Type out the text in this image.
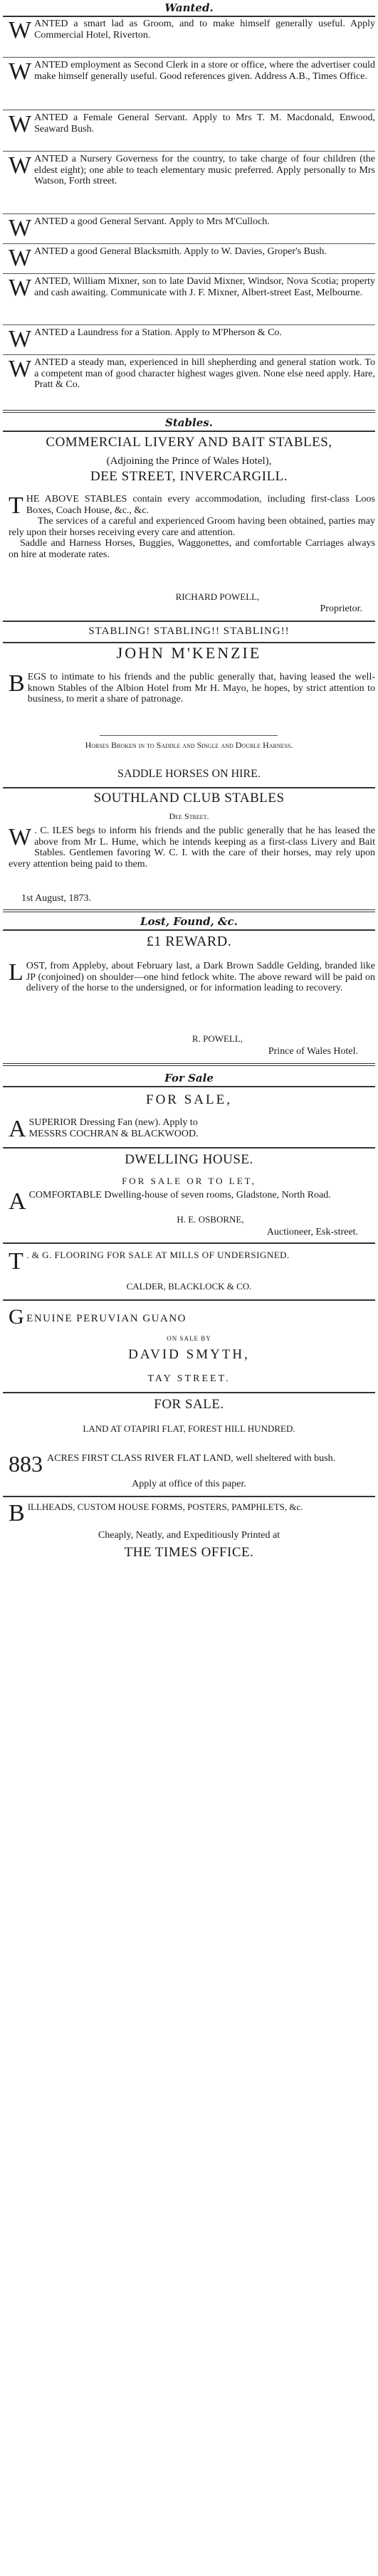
Wanted.
WANTED a smart lad as Groom, and to make himself generally useful. Apply Commercial Hotel, Riverton.
WANTED employment as Second Clerk in a store or office, where the advertiser could make himself generally useful. Good references given. Address A.B., Times Office.
WANTED a Female General Servant. Apply to Mrs T. M. Macdonald, Enwood, Seaward Bush.
WANTED a Nursery Governess for the country, to take charge of four children (the eldest eight); one able to teach elementary music preferred. Apply personally to Mrs Watson, Forth street.
WANTED a good General Servant. Apply to Mrs M'Culloch.
WANTED a good General Blacksmith. Apply to W. Davies, Groper's Bush.
WANTED, William Mixner, son to late David Mixner, Windsor, Nova Scotia; property and cash awaiting. Communicate with J. F. Mixner, Albert-street East, Melbourne.
WANTED a Laundress for a Station. Apply to M'Pherson & Co.
WANTED a steady man, experienced in hill shepherding and general station work. To a competent man of good character highest wages given. None else need apply. Hare, Pratt & Co.
Stables.
COMMERCIAL LIVERY AND BAIT STABLES,
(Adjoining the Prince of Wales Hotel),
DEE STREET, INVERCARGILL.

THE ABOVE STABLES contain every accommodation, including first-class Loos Boxes, Coach House, &c., &c.

The services of a careful and experienced Groom having been obtained, parties may rely upon their horses receiving every care and attention.

Saddle and Harness Horses, Buggies, Waggonettes, and comfortable Carriages always on hire at moderate rates.

RICHARD POWELL,
Proprietor.
STABLING! STABLING!! STABLING!!
JOHN M'KENZIE
BEGS to intimate to his friends and the public generally that, having leased the well-known Stables of the Albion Hotel from Mr H. Mayo, he hopes, by strict attention to business, to merit a share of patronage.
Horses Broken in to Saddle and Single and Double Harness.
SADDLE HORSES ON HIRE.
SOUTHLAND CLUB STABLES
Dee Street.
W . C. ILES begs to inform his friends and the public generally that he has leased the above from Mr L. Hume, which he intends keeping as a first-class Livery and Bait Stables. Gentlemen favoring W. C. I. with the care of their horses, may rely upon every attention being paid to them.
1st August, 1873.
Lost, Found, &c.
£1 REWARD.
LOST, from Appleby, about February last, a Dark Brown Saddle Gelding, branded like JP (conjoined) on shoulder—one hind fetlock white. The above reward will be paid on delivery of the horse to the undersigned, or for information leading to recovery.
R. POWELL,
Prince of Wales Hotel.
For Sale
FOR SALE,
ASUPERIOR Dressing Fan (new). Apply to
MESSRS COCHRAN & BLACKWOOD.
DWELLING HOUSE.
FOR SALE OR TO LET,
ACOMFORTABLE Dwelling-house of seven rooms, Gladstone, North Road.
H. E. OSBORNE,
Auctioneer, Esk-street.
T . & G. FLOORING FOR SALE AT MILLS OF UNDERSIGNED.
CALDER, BLACKLOCK & CO.
G ENUINE PERUVIAN GUANO
ON SALE BY
DAVID SMYTH,
TAY STREET.
FOR SALE.
LAND AT OTAPIRI FLAT, FOREST HILL HUNDRED.
883 ACRES FIRST CLASS RIVER FLAT LAND, well sheltered with bush.
Apply at office of this paper.
BILLHEADS, CUSTOM HOUSE FORMS, POSTERS, PAMPHLETS, &c.
Cheaply, Neatly, and Expeditiously Printed at
THE TIMES OFFICE.
